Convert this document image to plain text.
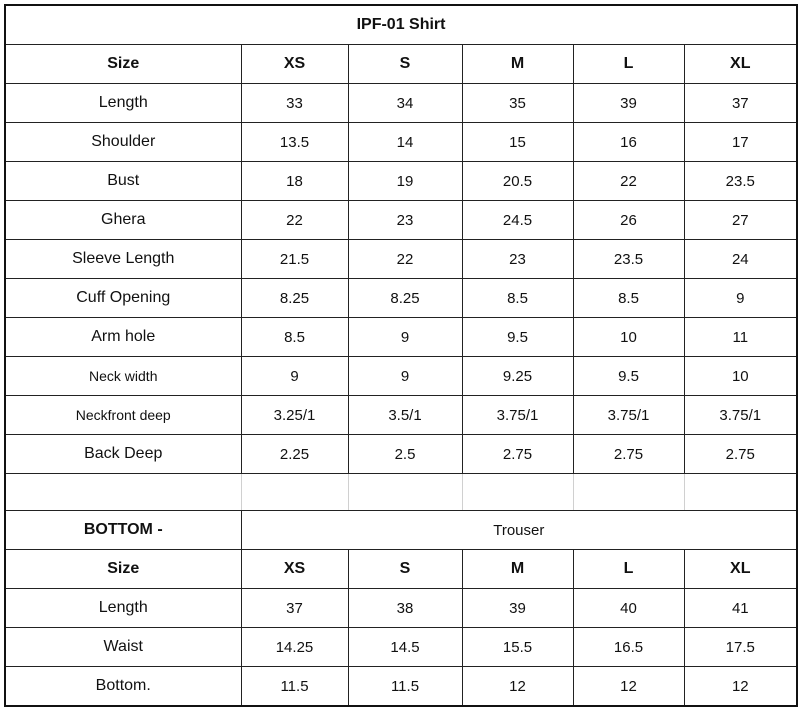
IPF-01 Shirt					
Size	XS	S	M	L	XL
Length	33	34	35	39	37
Shoulder	13.5	14	15	16	17
Bust	18	19	20.5	22	23.5
Ghera	22	23	24.5	26	27
Sleeve Length	21.5	22	23	23.5	24
Cuff Opening	8.25	8.25	8.5	8.5	9
Arm hole	8.5	9	9.5	10	11
Neck width	9	9	9.25	9.5	10
Neckfront deep	3.25/1	3.5/1	3.75/1	3.75/1	3.75/1
Back Deep	2.25	2.5	2.75	2.75	2.75

BOTTOM -	Trouser				
Size	XS	S	M	L	XL
Length	37	38	39	40	41
Waist	14.25	14.5	15.5	16.5	17.5
Bottom.	11.5	11.5	12	12	12
